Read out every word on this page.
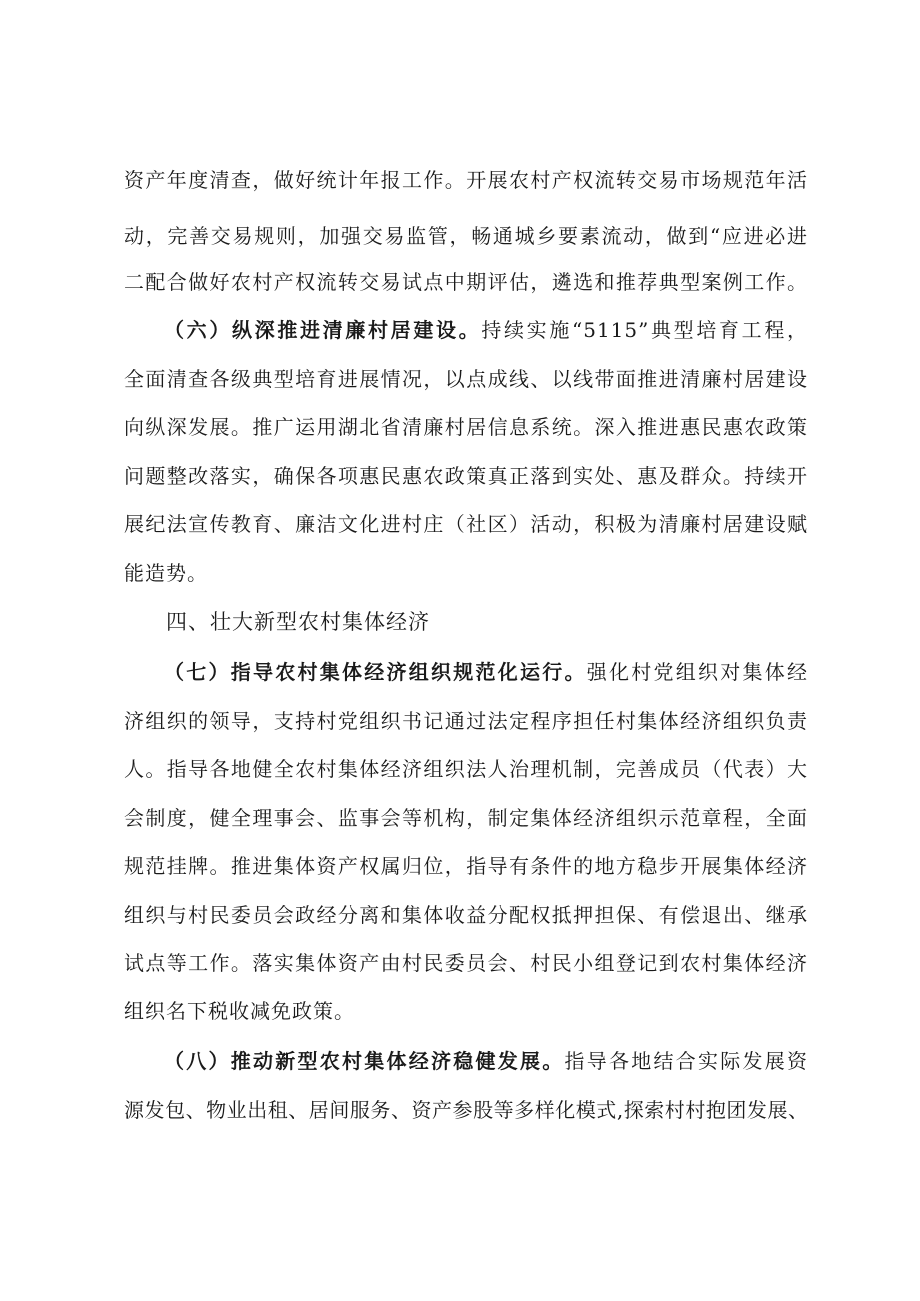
资产年度清查，做好统计年报工作。开展农村产权流转交易市场规范年活
动，完善交易规则，加强交易监管，畅通城乡要素流动，做到“应进必进
二配合做好农村产权流转交易试点中期评估，遴选和推荐典型案例工作。
（六）纵深推进清廉村居建设。持续实施“5115”典型培育工程，
全面清查各级典型培育进展情况，以点成线、以线带面推进清廉村居建设
向纵深发展。推广运用湖北省清廉村居信息系统。深入推进惠民惠农政策
问题整改落实，确保各项惠民惠农政策真正落到实处、惠及群众。持续开
展纪法宣传教育、廉洁文化进村庄（社区）活动，积极为清廉村居建设赋
能造势。
四、壮大新型农村集体经济
（七）指导农村集体经济组织规范化运行。强化村党组织对集体经
济组织的领导，支持村党组织书记通过法定程序担任村集体经济组织负责
人。指导各地健全农村集体经济组织法人治理机制，完善成员（代表）大
会制度，健全理事会、监事会等机构，制定集体经济组织示范章程，全面
规范挂牌。推进集体资产权属归位，指导有条件的地方稳步开展集体经济
组织与村民委员会政经分离和集体收益分配权抵押担保、有偿退出、继承
试点等工作。落实集体资产由村民委员会、村民小组登记到农村集体经济
组织名下税收减免政策。
（八）推动新型农村集体经济稳健发展。指导各地结合实际发展资
源发包、物业出租、居间服务、资产参股等多样化模式,探索村村抱团发展、
